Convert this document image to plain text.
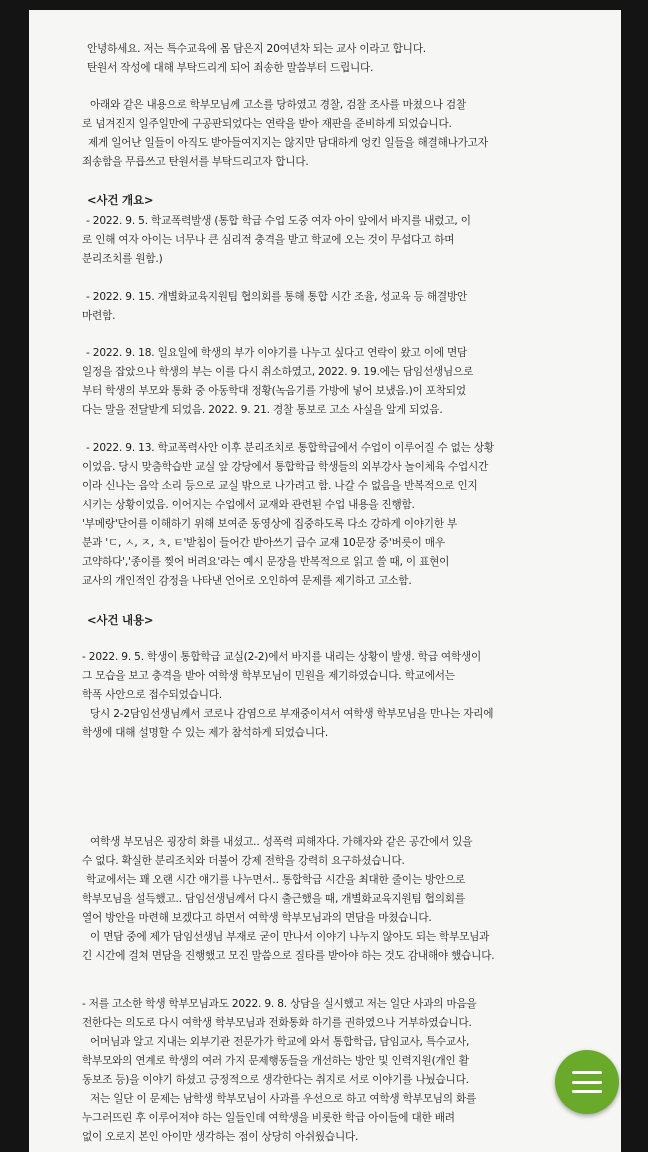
안녕하세요. 저는 특수교육에 몸 담은지 20여년차 되는 교사 이라고 합니다.
탄원서 작성에 대해 부탁드리게 되어 죄송한 말씀부터 드립니다.
아래와 같은 내용으로 학부모님께 고소를 당하였고 경찰, 검찰 조사를 마쳤으나 검찰
로 넘겨진지 일주일만에 구공판되었다는 연락을 받아 재판을 준비하게 되었습니다.
제게 일어난 일들이 아직도 받아들여지지는 않지만 담대하게 엉킨 일들을 해결해나가고자
죄송함을 무릅쓰고 탄원서를 부탁드리고자 합니다.
<사건 개요>
- 2022. 9. 5. 학교폭력발생 (통합 학급 수업 도중 여자 아이 앞에서 바지를 내렸고, 이
로 인해 여자 아이는 너무나 큰 심리적 충격을 받고 학교에 오는 것이 무섭다고 하며
분리조치를 원함.)
- 2022. 9. 15. 개별화교육지원팀 협의회를 통해 통합 시간 조율, 성교육 등 해결방안
마련함.
- 2022. 9. 18. 일요일에 학생의 부가 이야기를 나누고 싶다고 연락이 왔고 이에 면담
일정을 잡았으나 학생의 부는 이를 다시 취소하였고, 2022. 9. 19.에는 담임선생님으로
부터 학생의 부모와 통화 중 아동학대 정황(녹음기를 가방에 넣어 보냈음.)이 포착되었
다는 말을 전달받게 되었음. 2022. 9. 21. 경찰 통보로 고소 사실을 알게 되었음.
- 2022. 9. 13. 학교폭력사안 이후 분리조치로 통합학급에서 수업이 이루어질 수 없는 상황
이었음. 당시 맞춤학습반 교실 앞 강당에서 통합학급 학생들의 외부강사 놀이체육 수업시간
이라 신나는 음악 소리 등으로 교실 밖으로 나가려고 함. 나갈 수 없음을 반복적으로 인지
시키는 상황이었음. 이어지는 수업에서 교재와 관련된 수업 내용을 진행함.
'부메랑'단어를 이해하기 위해 보여준 동영상에 집중하도록 다소 강하게 이야기한 부
분과 'ㄷ, ㅅ, ㅈ, ㅊ, ㅌ'받침이 들어간 받아쓰기 급수 교재 10문장 중'버릇이 매우
고약하다','종이를 찢어 버려요'라는 예시 문장을 반복적으로 읽고 쓸 때, 이 표현이
교사의 개인적인 감정을 나타낸 언어로 오인하여 문제를 제기하고 고소함.
<사건 내용>
- 2022. 9. 5. 학생이 통합학급 교실(2-2)에서 바지를 내리는 상황이 발생. 학급 여학생이
그 모습을 보고 충격을 받아 여학생 학부모님이 민원을 제기하였습니다. 학교에서는
학폭 사안으로 접수되었습니다.
당시 2-2담임선생님께서 코로나 감염으로 부재중이셔서 여학생 학부모님을 만나는 자리에
학생에 대해 설명할 수 있는 제가 참석하게 되었습니다.
여학생 부모님은 굉장히 화를 내셨고.. 성폭력 피해자다. 가해자와 같은 공간에서 있을
수 없다. 확실한 분리조치와 더불어 강제 전학을 강력히 요구하셨습니다.
학교에서는 꽤 오랜 시간 얘기를 나누면서.. 통합학급 시간을 최대한 줄이는 방안으로
학부모님을 설득했고.. 담임선생님께서 다시 출근했을 때, 개별화교육지원팀 협의회를
열어 방안을 마련해 보겠다고 하면서 여학생 학부모님과의 면담을 마쳤습니다.
이 면담 중에 제가 담임선생님 부재로 굳이 만나서 이야기 나누지 않아도 되는 학부모님과
긴 시간에 걸쳐 면담을 진행했고 모진 말씀으로 질타를 받아야 하는 것도 감내해야 했습니다.
- 저를 고소한 학생 학부모님과도 2022. 9. 8. 상담을 실시했고 저는 일단 사과의 마음을
전한다는 의도로 다시 여학생 학부모님과 전화통화 하기를 권하였으나 거부하였습니다.
어머님과 알고 지내는 외부기관 전문가가 학교에 와서 통합학급, 담임교사, 특수교사,
학부모와의 연계로 학생의 여러 가지 문제행동들을 개선하는 방안 및 인력지원(개인 활
동보조 등)을 이야기 하셨고 긍정적으로 생각한다는 취지로 서로 이야기를 나눴습니다.
저는 일단 이 문제는 남학생 학부모님이 사과를 우선으로 하고 여학생 학부모님의 화를
누그러뜨린 후 이루어져야 하는 일들인데 여학생을 비롯한 학급 아이들에 대한 배려
없이 오로지 본인 아이만 생각하는 점이 상당히 아쉬웠습니다.
